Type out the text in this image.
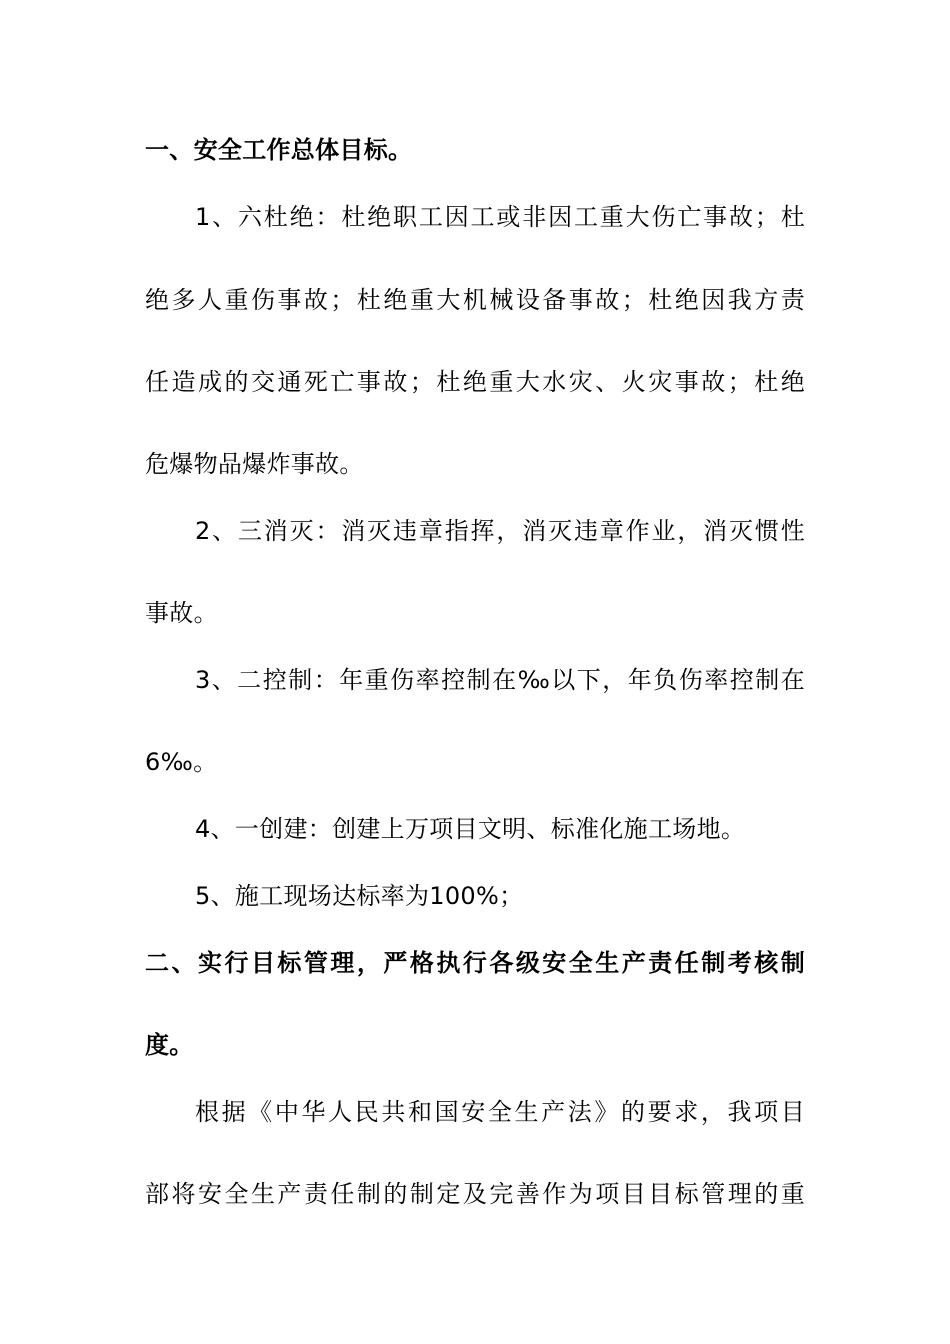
一、安全工作总体目标。
1、六杜绝：杜绝职工因工或非因工重大伤亡事故；杜
绝多人重伤事故；杜绝重大机械设备事故；杜绝因我方责
任造成的交通死亡事故；杜绝重大水灾、火灾事故；杜绝
危爆物品爆炸事故。
2、三消灭：消灭违章指挥，消灭违章作业，消灭惯性
事故。
3、二控制：年重伤率控制在‰以下，年负伤率控制在
6‰。
4、一创建：创建上万项目文明、标准化施工场地。
5、施工现场达标率为100%；
二、实行目标管理，严格执行各级安全生产责任制考核制
度。
根据《中华人民共和国安全生产法》的要求，我项目
部将安全生产责任制的制定及完善作为项目目标管理的重
